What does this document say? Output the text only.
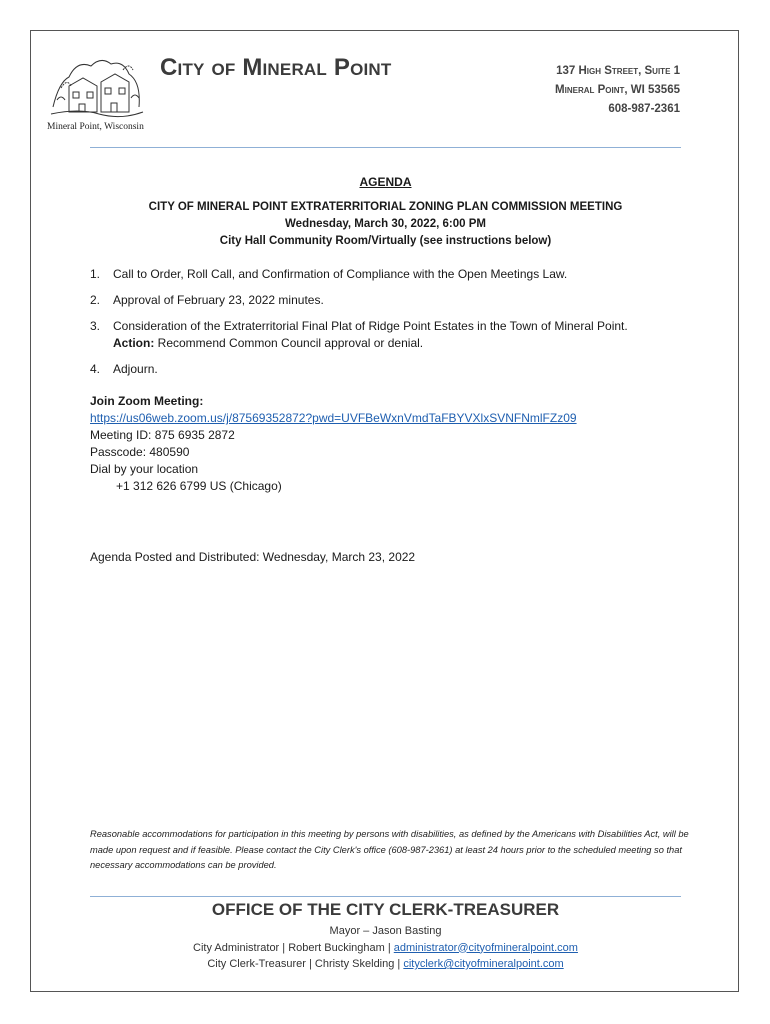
Mineral Point, Wisconsin
City of Mineral Point	137 High Street, Suite 1
Mineral Point, WI 53565
608-987-2361
AGENDA
CITY OF MINERAL POINT EXTRATERRITORIAL ZONING PLAN COMMISSION MEETING
Wednesday, March 30, 2022, 6:00 PM
City Hall Community Room/Virtually (see instructions below)
1. Call to Order, Roll Call, and Confirmation of Compliance with the Open Meetings Law.
2. Approval of February 23, 2022 minutes.
3. Consideration of the Extraterritorial Final Plat of Ridge Point Estates in the Town of Mineral Point.
Action: Recommend Common Council approval or denial.
4. Adjourn.
Join Zoom Meeting:
https://us06web.zoom.us/j/87569352872?pwd=UVFBeWxnVmdTaFBYVXlxSVNFNmlFZz09
Meeting ID: 875 6935 2872
Passcode: 480590
Dial by your location
+1 312 626 6799 US (Chicago)
Agenda Posted and Distributed: Wednesday, March 23, 2022
Reasonable accommodations for participation in this meeting by persons with disabilities, as defined by the Americans with Disabilities Act, will be made upon request and if feasible. Please contact the City Clerk's office (608-987-2361) at least 24 hours prior to the scheduled meeting so that necessary accommodations can be provided.
OFFICE OF THE CITY CLERK-TREASURER
Mayor – Jason Basting
City Administrator | Robert Buckingham | administrator@cityofmineralpoint.com
City Clerk-Treasurer | Christy Skelding | cityclerk@cityofmineralpoint.com
